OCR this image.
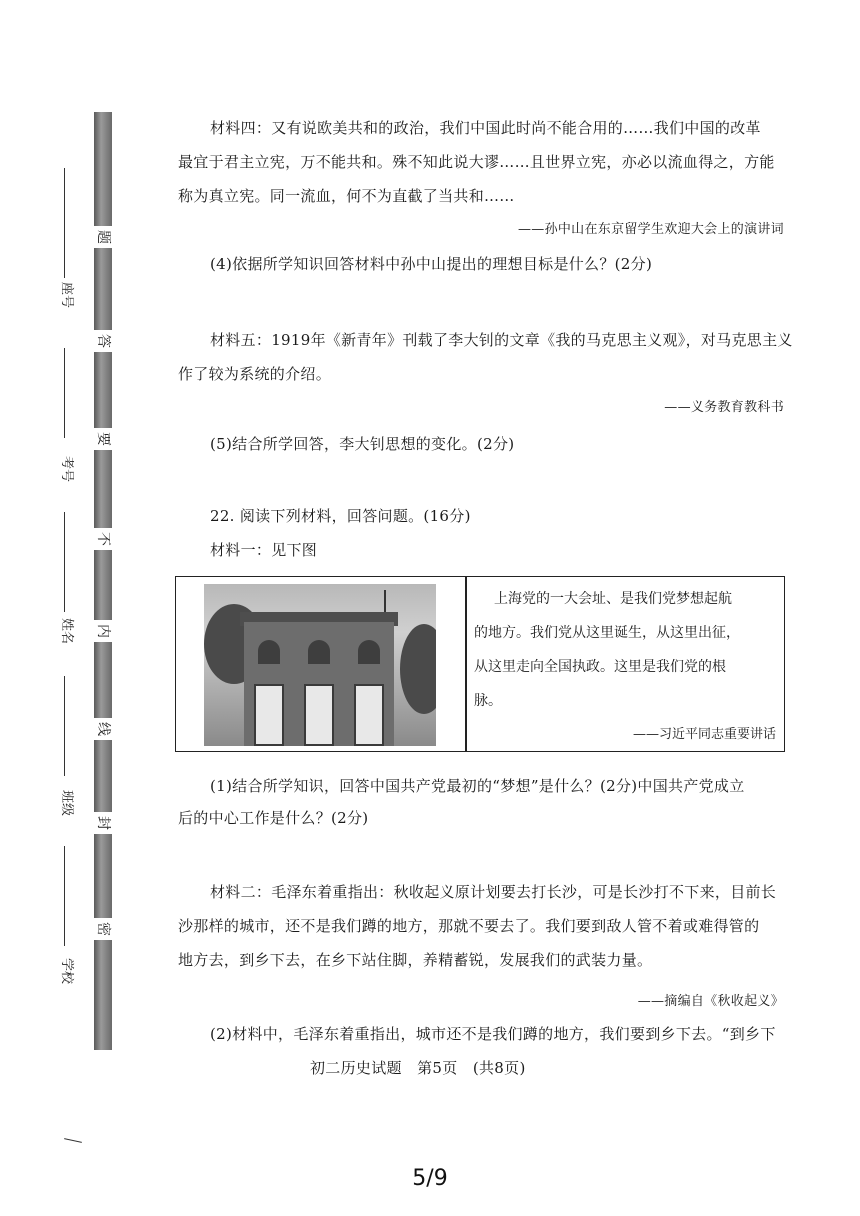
题
答
要
不
内
线
封
密
座号
考号
姓名
班级
学校
材料四：又有说欧美共和的政治，我们中国此时尚不能合用的……我们中国的改革
最宜于君主立宪，万不能共和。殊不知此说大谬……且世界立宪，亦必以流血得之，方能
称为真立宪。同一流血，何不为直截了当共和……
——孙中山在东京留学生欢迎大会上的演讲词
(4)依据所学知识回答材料中孙中山提出的理想目标是什么？(2分)
材料五：1919年《新青年》刊载了李大钊的文章《我的马克思主义观》，对马克思主义
作了较为系统的介绍。
——义务教育教科书
(5)结合所学回答，李大钊思想的变化。(2分)
22. 阅读下列材料，回答问题。(16分)
材料一：见下图
上海党的一大会址、是我们党梦想起航
的地方。我们党从这里诞生，从这里出征，
从这里走向全国执政。这里是我们党的根
脉。
——习近平同志重要讲话
(1)结合所学知识，回答中国共产党最初的“梦想”是什么？(2分)中国共产党成立
后的中心工作是什么？(2分)
材料二：毛泽东着重指出：秋收起义原计划要去打长沙，可是长沙打不下来，目前长
沙那样的城市，还不是我们蹲的地方，那就不要去了。我们要到敌人管不着或难得管的
地方去，到乡下去，在乡下站住脚，养精蓄锐，发展我们的武装力量。
——摘编自《秋收起义》
(2)材料中，毛泽东着重指出，城市还不是我们蹲的地方，我们要到乡下去。“到乡下
初二历史试题　第5页　(共8页)
5/9
